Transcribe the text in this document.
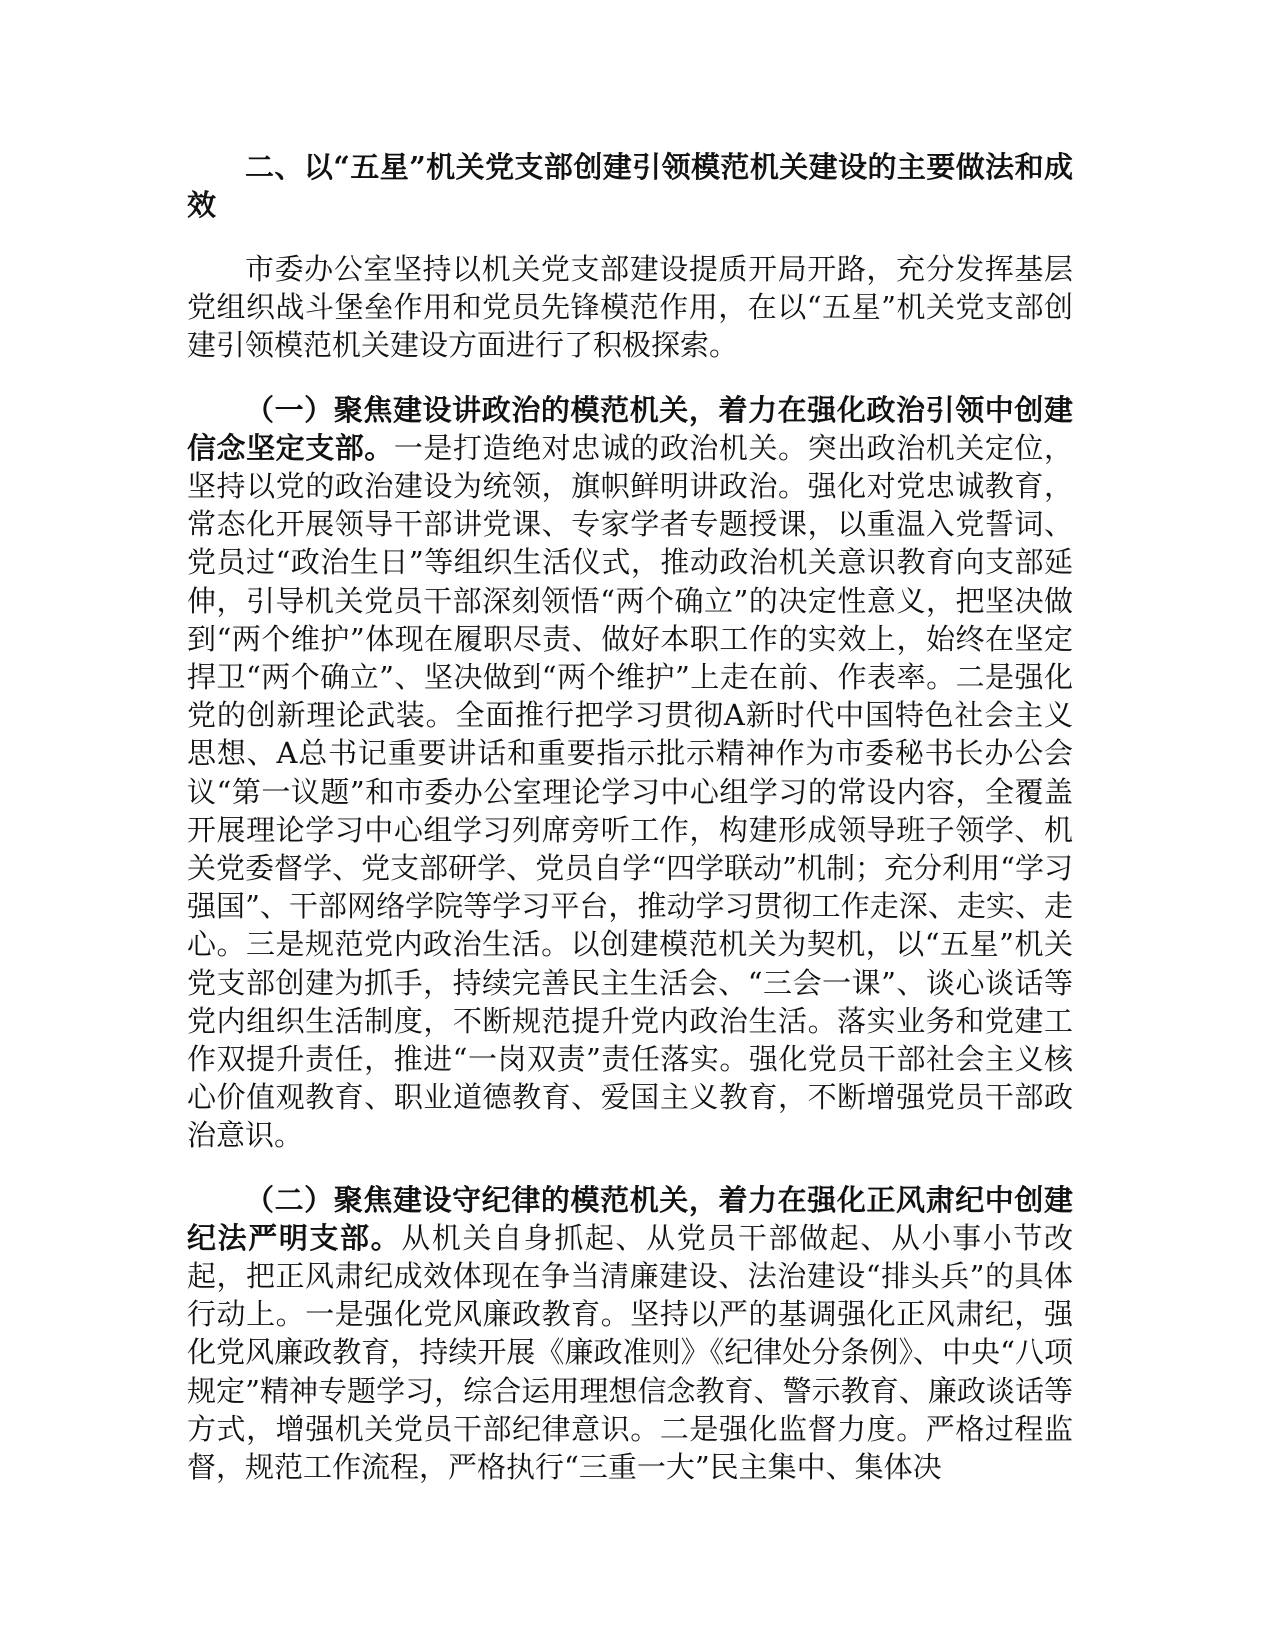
二、以“五星”机关党支部创建引领模范机关建设的主要做法和成效

市委办公室坚持以机关党支部建设提质开局开路，充分发挥基层党组织战斗堡垒作用和党员先锋模范作用，在以“五星”机关党支部创建引领模范机关建设方面进行了积极探索。

（一）聚焦建设讲政治的模范机关，着力在强化政治引领中创建信念坚定支部。一是打造绝对忠诚的政治机关。突出政治机关定位，坚持以党的政治建设为统领，旗帜鲜明讲政治。强化对党忠诚教育，常态化开展领导干部讲党课、专家学者专题授课，以重温入党誓词、党员过“政治生日”等组织生活仪式，推动政治机关意识教育向支部延伸，引导机关党员干部深刻领悟“两个确立”的决定性意义，把坚决做到“两个维护”体现在履职尽责、做好本职工作的实效上，始终在坚定捍卫“两个确立”、坚决做到“两个维护”上走在前、作表率。二是强化党的创新理论武装。全面推行把学习贯彻A新时代中国特色社会主义思想、A总书记重要讲话和重要指示批示精神作为市委秘书长办公会议“第一议题”和市委办公室理论学习中心组学习的常设内容，全覆盖开展理论学习中心组学习列席旁听工作，构建形成领导班子领学、机关党委督学、党支部研学、党员自学“四学联动”机制；充分利用“学习强国”、干部网络学院等学习平台，推动学习贯彻工作走深、走实、走心。三是规范党内政治生活。以创建模范机关为契机，以“五星”机关党支部创建为抓手，持续完善民主生活会、“三会一课”、谈心谈话等党内组织生活制度，不断规范提升党内政治生活。落实业务和党建工作双提升责任，推进“一岗双责”责任落实。强化党员干部社会主义核心价值观教育、职业道德教育、爱国主义教育，不断增强党员干部政治意识。

（二）聚焦建设守纪律的模范机关，着力在强化正风肃纪中创建纪法严明支部。从机关自身抓起、从党员干部做起、从小事小节改起，把正风肃纪成效体现在争当清廉建设、法治建设“排头兵”的具体行动上。一是强化党风廉政教育。坚持以严的基调强化正风肃纪，强化党风廉政教育，持续开展《廉政准则》《纪律处分条例》、中央“八项规定”精神专题学习，综合运用理想信念教育、警示教育、廉政谈话等方式，增强机关党员干部纪律意识。二是强化监督力度。严格过程监督，规范工作流程，严格执行“三重一大”民主集中、集体决
